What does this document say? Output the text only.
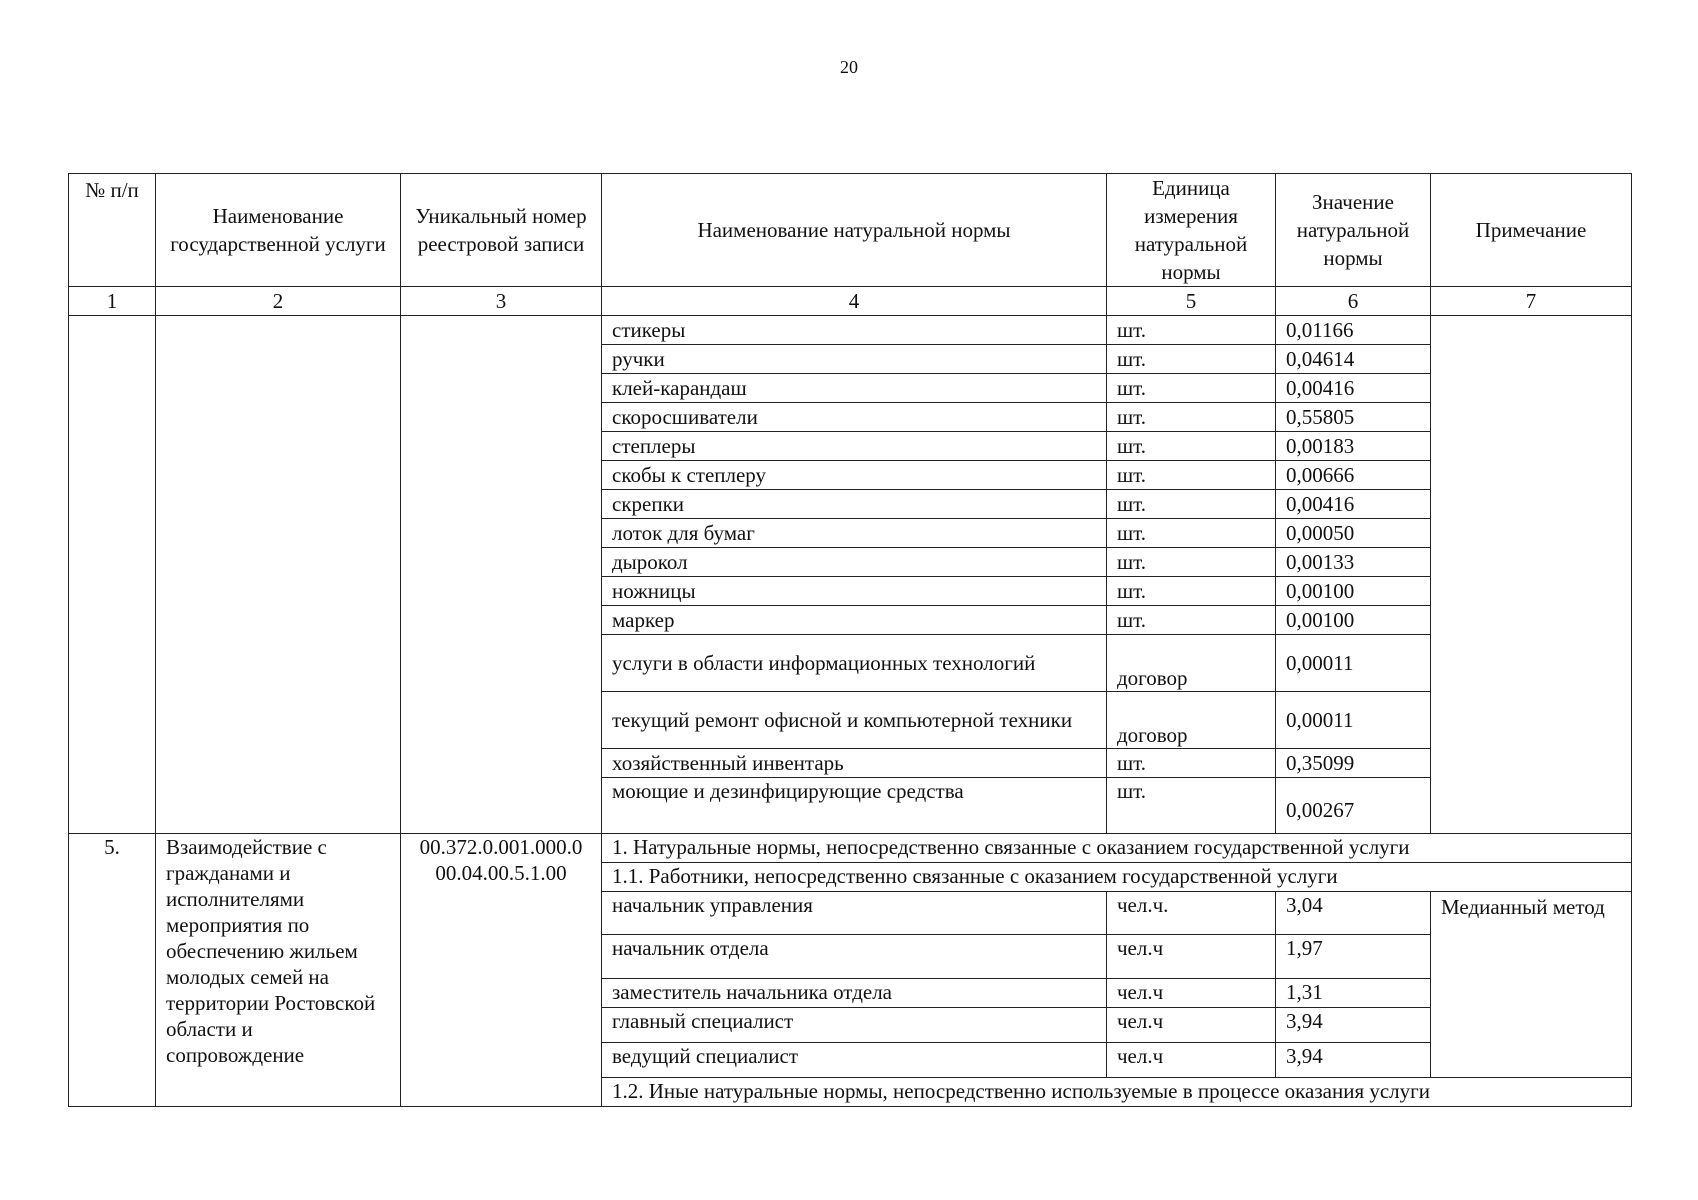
20
№ п/п	Наименование государственной услуги	Уникальный номер реестровой записи	Наименование натуральной нормы	Единица измерения натуральной нормы	Значение натуральной нормы	Примечание
1	2	3	4	5	6	7
			стикеры	шт.	0,01166	
			ручки	шт.	0,04614	
			клей-карандаш	шт.	0,00416	
			скоросшиватели	шт.	0,55805	
			степлеры	шт.	0,00183	
			скобы к степлеру	шт.	0,00666	
			скрепки	шт.	0,00416	
			лоток для бумаг	шт.	0,00050	
			дырокол	шт.	0,00133	
			ножницы	шт.	0,00100	
			маркер	шт.	0,00100	
			услуги в области информационных технологий	договор	0,00011	
			текущий ремонт офисной и компьютерной техники	договор	0,00011	
			хозяйственный инвентарь	шт.	0,35099	
			моющие и дезинфицирующие средства	шт.	0,00267	
5.	Взаимодействие с гражданами и исполнителями мероприятия по обеспечению жильем молодых семей на территории Ростовской области и сопровождение	00.372.0.001.000.0 00.04.00.5.1.00	1. Натуральные нормы, непосредственно связанные с оказанием государственной услуги			
			1.1. Работники, непосредственно связанные с оказанием государственной услуги			
			начальник управления	чел.ч.	3,04	Медианный метод
			начальник отдела	чел.ч	1,97	
			заместитель начальника отдела	чел.ч	1,31	
			главный специалист	чел.ч	3,94	
			ведущий специалист	чел.ч	3,94	
			1.2. Иные натуральные нормы, непосредственно используемые в процессе оказания услуги			
